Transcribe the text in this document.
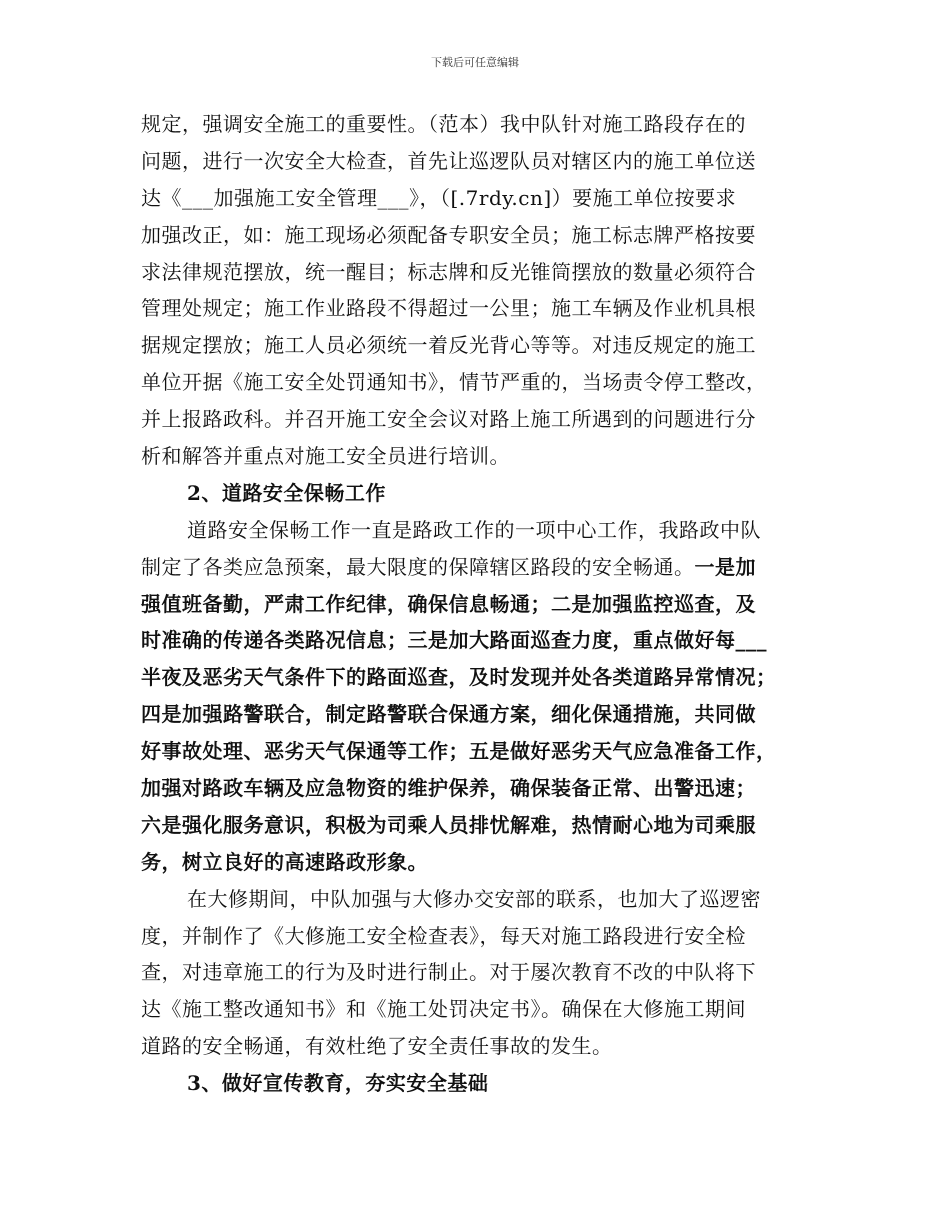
下载后可任意编辑
规定，强调安全施工的重要性。（范本）我中队针对施工路段存在的
问题，进行一次安全大检查，首先让巡逻队员对辖区内的施工单位送
达《___加强施工安全管理___》，（[.7rdy.cn]）要施工单位按要求
加强改正，如：施工现场必须配备专职安全员；施工标志牌严格按要
求法律规范摆放，统一醒目；标志牌和反光锥筒摆放的数量必须符合
管理处规定；施工作业路段不得超过一公里；施工车辆及作业机具根
据规定摆放；施工人员必须统一着反光背心等等。对违反规定的施工
单位开据《施工安全处罚通知书》，情节严重的，当场责令停工整改，
并上报路政科。并召开施工安全会议对路上施工所遇到的问题进行分
析和解答并重点对施工安全员进行培训。
2、道路安全保畅工作
道路安全保畅工作一直是路政工作的一项中心工作，我路政中队
制定了各类应急预案，最大限度的保障辖区路段的安全畅通。一是加
强值班备勤，严肃工作纪律，确保信息畅通；二是加强监控巡查，及
时准确的传递各类路况信息；三是加大路面巡查力度，重点做好每___
半夜及恶劣天气条件下的路面巡查，及时发现并处各类道路异常情况；
四是加强路警联合，制定路警联合保通方案，细化保通措施，共同做
好事故处理、恶劣天气保通等工作；五是做好恶劣天气应急准备工作，
加强对路政车辆及应急物资的维护保养，确保装备正常、出警迅速；
六是强化服务意识，积极为司乘人员排忧解难，热情耐心地为司乘服
务，树立良好的高速路政形象。
在大修期间，中队加强与大修办交安部的联系，也加大了巡逻密
度，并制作了《大修施工安全检查表》，每天对施工路段进行安全检
查，对违章施工的行为及时进行制止。对于屡次教育不改的中队将下
达《施工整改通知书》和《施工处罚决定书》。确保在大修施工期间
道路的安全畅通，有效杜绝了安全责任事故的发生。
3、做好宣传教育，夯实安全基础
